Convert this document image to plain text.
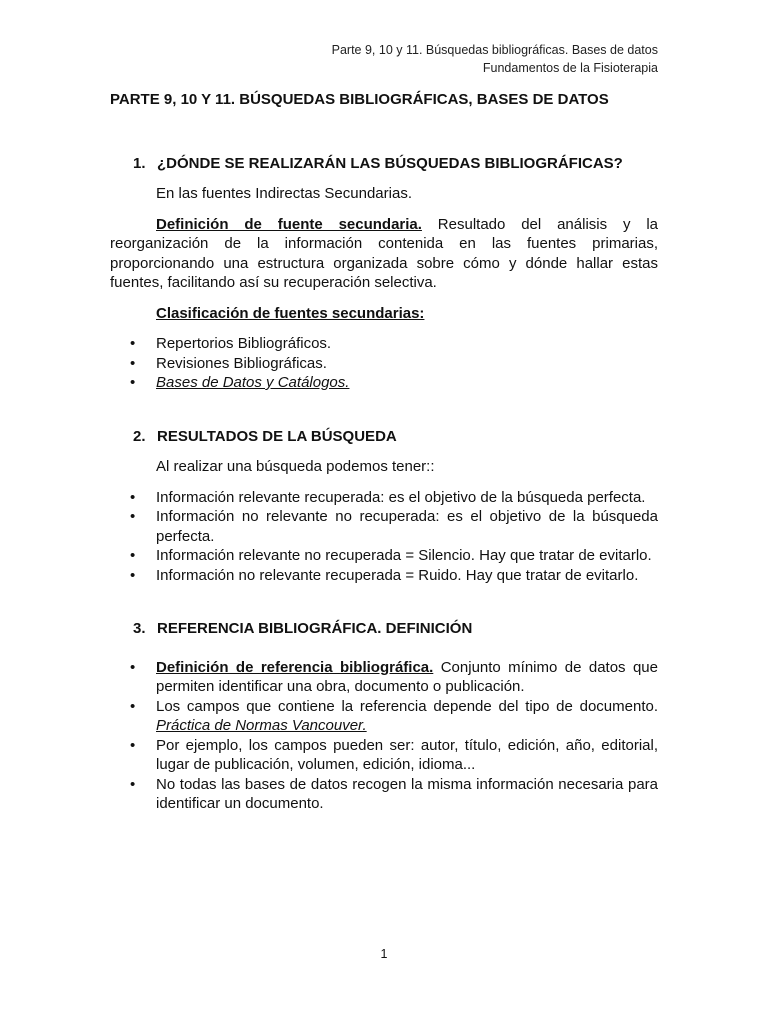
Parte 9, 10 y 11. Búsquedas bibliográficas. Bases de datos
Fundamentos de la Fisioterapia

PARTE 9, 10 Y 11. BÚSQUEDAS BIBLIOGRÁFICAS, BASES DE DATOS

1. ¿DÓNDE SE REALIZARÁN LAS BÚSQUEDAS BIBLIOGRÁFICAS?

En las fuentes Indirectas Secundarias.

Definición de fuente secundaria. Resultado del análisis y la reorganización de la información contenida en las fuentes primarias, proporcionando una estructura organizada sobre cómo y dónde hallar estas fuentes, facilitando así su recuperación selectiva.

Clasificación de fuentes secundarias:

• Repertorios Bibliográficos.
• Revisiones Bibliográficas.
• Bases de Datos y Catálogos.
2. RESULTADOS DE LA BÚSQUEDA

Al realizar una búsqueda podemos tener::

• Información relevante recuperada: es el objetivo de la búsqueda perfecta.
• Información no relevante no recuperada: es el objetivo de la búsqueda perfecta.
• Información relevante no recuperada = Silencio. Hay que tratar de evitarlo.
• Información no relevante recuperada = Ruido. Hay que tratar de evitarlo.
3. REFERENCIA BIBLIOGRÁFICA. DEFINICIÓN
• Definición de referencia bibliográfica. Conjunto mínimo de datos que permiten identificar una obra, documento o publicación.
• Los campos que contiene la referencia depende del tipo de documento. Práctica de Normas Vancouver.
• Por ejemplo, los campos pueden ser: autor, título, edición, año, editorial, lugar de publicación, volumen, edición, idioma...
• No todas las bases de datos recogen la misma información necesaria para identificar un documento.
1
